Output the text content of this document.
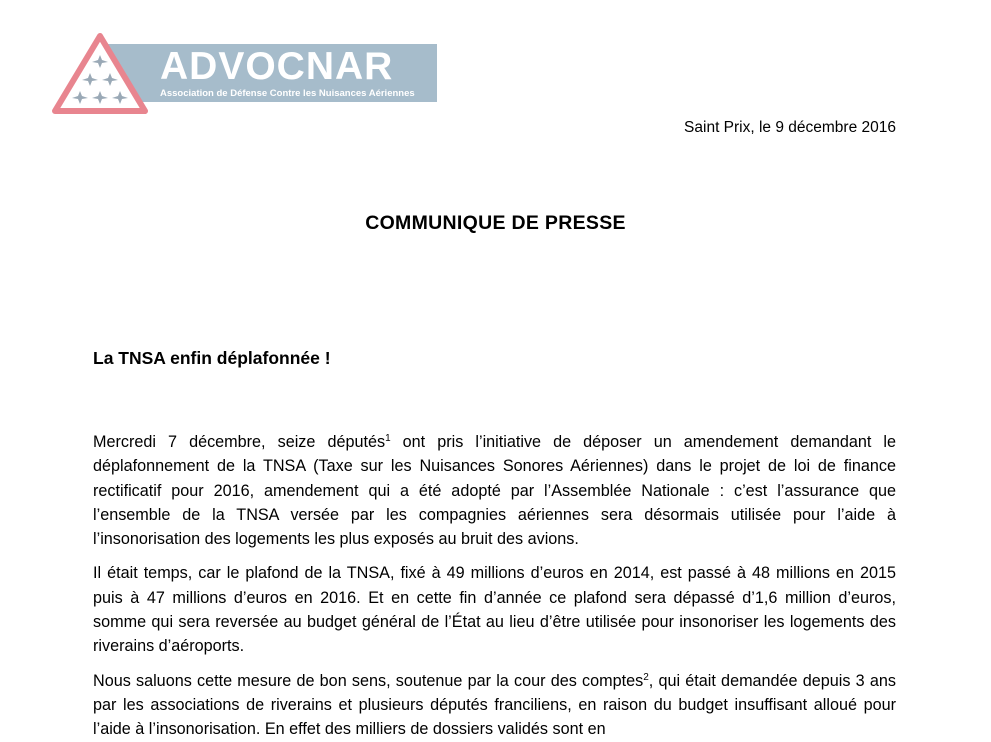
ADVOCNAR
Association de Défense Contre les Nuisances Aériennes
Saint Prix, le 9 décembre 2016
COMMUNIQUE DE PRESSE
La TNSA enfin déplafonnée !

Mercredi 7 décembre, seize députés$^1$ ont pris l’initiative de déposer un amendement demandant le déplafonnement de la TNSA (Taxe sur les Nuisances Sonores Aériennes) dans le projet de loi de finance rectificatif pour 2016, amendement qui a été adopté par l’Assemblée Nationale : c’est l’assurance que l’ensemble de la TNSA versée par les compagnies aériennes sera désormais utilisée pour l’aide à l’insonorisation des logements les plus exposés au bruit des avions.

Il était temps, car le plafond de la TNSA, fixé à 49 millions d’euros en 2014, est passé à 48 millions en 2015 puis à 47 millions d’euros en 2016. Et en cette fin d’année ce plafond sera dépassé d’1,6 million d’euros, somme qui sera reversée au budget général de l’État au lieu d’être utilisée pour insonoriser les logements des riverains d’aéroports.

Nous saluons cette mesure de bon sens, soutenue par la cour des comptes$^2$, qui était demandée depuis 3 ans par les associations de riverains et plusieurs députés franciliens, en raison du budget insuffisant alloué pour l’aide à l’insonorisation. En effet des milliers de dossiers validés sont en
